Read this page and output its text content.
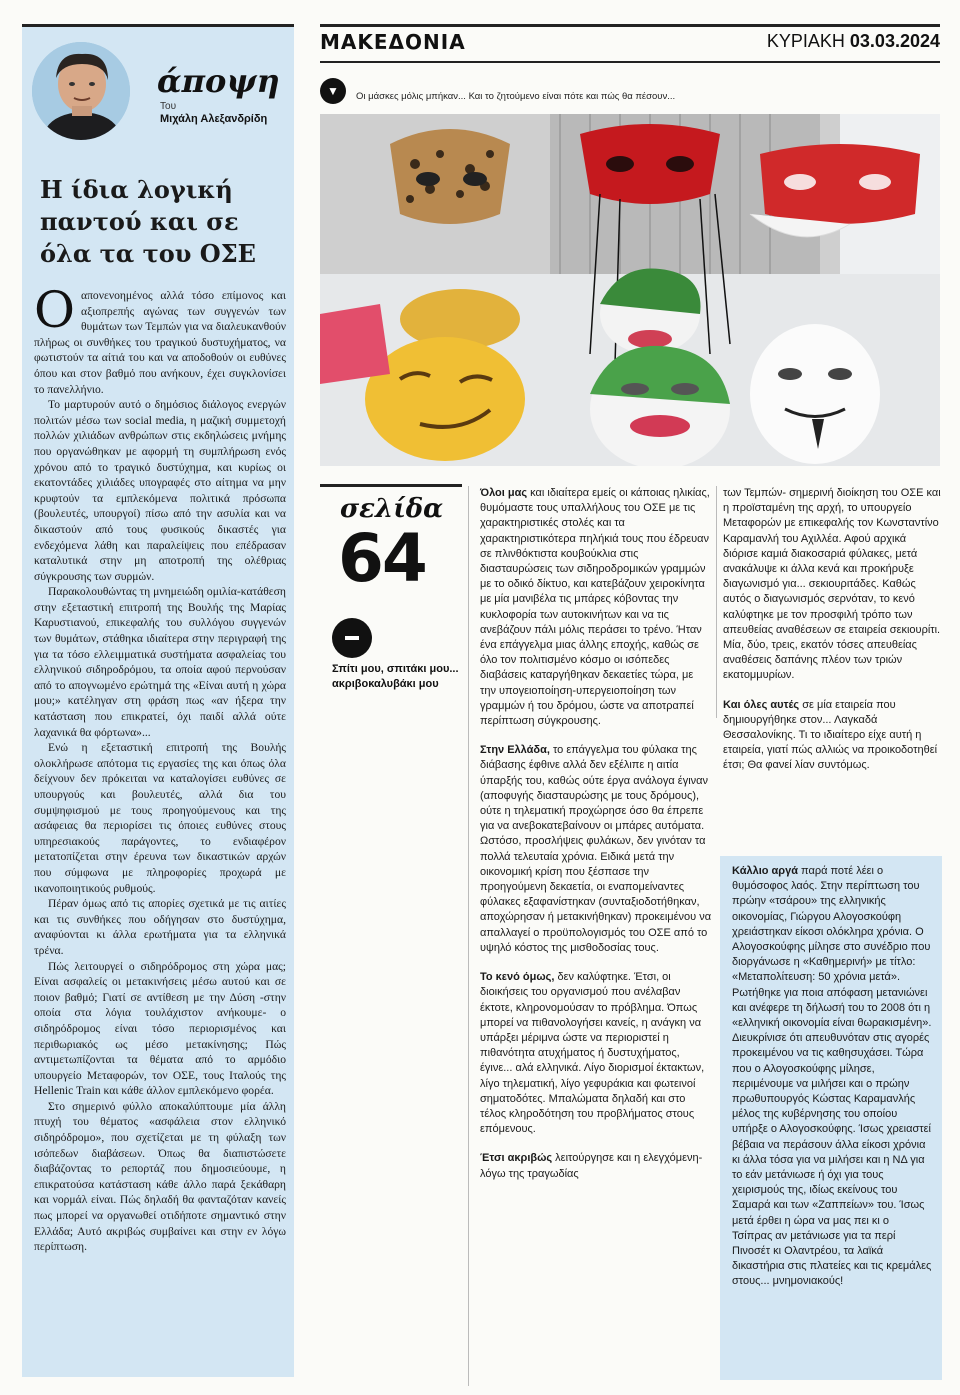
άποψη
Του
Μιχάλη Αλεξανδρίδη
Η ίδια λογική παντού και σε όλα τα του ΟΣΕ

Οαπονενοημένος αλλά τόσο επίμονος και αξιοπρεπής αγώνας των συγγενών των θυμάτων των Τεμπών για να διαλευκανθούν πλήρως οι συνθήκες του τραγικού δυστυχήματος, να φωτιστούν τα αίτιά του και να αποδοθούν οι ευθύνες όπου και στον βαθμό που ανήκουν, έχει συγκλονίσει το πανελλήνιο.

Το μαρτυρούν αυτό ο δημόσιος διάλογος ενεργών πολιτών μέσω των social media, η μαζική συμμετοχή πολλών χιλιάδων ανθρώπων στις εκδηλώσεις μνήμης που οργανώθηκαν με αφορμή τη συμπλήρωση ενός χρόνου από το τραγικό δυστύχημα, και κυρίως οι εκατοντάδες χιλιάδες υπογραφές στο αίτημα να μην κρυφτούν τα εμπλεκόμενα πολιτικά πρόσωπα (βουλευτές, υπουργοί) πίσω από την ασυλία και να δικαστούν από τους φυσικούς δικαστές για ενδεχόμενα λάθη και παραλείψεις που επέδρασαν καταλυτικά στην μη αποτροπή της ολέθριας σύγκρουσης των συρμών.

Παρακολουθώντας τη μνημειώδη ομιλία-κατάθεση στην εξεταστική επιτροπή της Βουλής της Μαρίας Καρυστιανού, επικεφαλής του συλλόγου συγγενών των θυμάτων, στάθηκα ιδιαίτερα στην περιγραφή της για τα τόσο ελλειμματικά συστήματα ασφαλείας του ελληνικού σιδηροδρόμου, τα οποία αφού περνούσαν από το απογνωμένο ερώτημά της «Είναι αυτή η χώρα μου;» κατέληγαν στη φράση πως «αν ήξερα την κατάσταση που επικρατεί, όχι παιδί αλλά ούτε λαχανικά θα φόρτωνα»...

Ενώ η εξεταστική επιτροπή της Βουλής ολοκλήρωσε απότομα τις εργασίες της και όπως όλα δείχνουν δεν πρόκειται να καταλογίσει ευθύνες σε υπουργούς και βουλευτές, αλλά δια του συμψηφισμού με τους προηγούμενους και της ασάφειας θα περιορίσει τις όποιες ευθύνες στους υπηρεσιακούς παράγοντες, το ενδιαφέρον μετατοπίζεται στην έρευνα των δικαστικών αρχών που σύμφωνα με πληροφορίες προχωρά με ικανοποιητικούς ρυθμούς.

Πέραν όμως από τις απορίες σχετικά με τις αιτίες και τις συνθήκες που οδήγησαν στο δυστύχημα, αναφύονται κι άλλα ερωτήματα για τα ελληνικά τρένα.

Πώς λειτουργεί ο σιδηρόδρομος στη χώρα μας; Είναι ασφαλείς οι μετακινήσεις μέσω αυτού και σε ποιον βαθμό; Γιατί σε αντίθεση με την Δύση -στην οποία στα λόγια τουλάχιστον ανήκουμε- ο σιδηρόδρομος είναι τόσο περιορισμένος και περιθωριακός ως μέσο μετακίνησης; Πώς αντιμετωπίζονται τα θέματα από το αρμόδιο υπουργείο Μεταφορών, τον ΟΣΕ, τους Ιταλούς της Hellenic Train και κάθε άλλον εμπλεκόμενο φορέα.

Στο σημερινό φύλλο αποκαλύπτουμε μία άλλη πτυχή του θέματος «ασφάλεια στον ελληνικό σιδηρόδρομο», που σχετίζεται με τη φύλαξη των ισόπεδων διαβάσεων. Όπως θα διαπιστώσετε διαβάζοντας το ρεπορτάζ που δημοσιεύουμε, η επικρατούσα κατάσταση κάθε άλλο παρά ξεκάθαρη και νορμάλ είναι. Πώς δηλαδή θα φανταζόταν κανείς πως μπορεί να οργανωθεί οτιδήποτε σημαντικό στην Ελλάδα; Αυτό ακριβώς συμβαίνει και στην εν λόγω περίπτωση.

ΜΑΚΕΔΟΝΙΑ	ΚΥΡΙΑΚΗ 03.03.2024
▼	Οι μάσκες μόλις μπήκαν... Και το ζητούμενο είναι πότε και πώς θα πέσουν...
σελίδα
64
Σπίτι μου, σπιτάκι μου... ακριβοκαλυβάκι μου

Όλοι μας και ιδιαίτερα εμείς οι κάποιας ηλικίας, θυμόμαστε τους υπαλλήλους του ΟΣΕ με τις χαρακτηριστικές στολές και τα χαρακτηριστικότερα πηλήκιά τους που έδρευαν σε πλινθόκτιστα κουβούκλια στις διασταυρώσεις των σιδηροδρομικών γραμμών με το οδικό δίκτυο, και κατεβάζουν χειροκίνητα με μία μανιβέλα τις μπάρες κόβοντας την κυκλοφορία των αυτοκινήτων και να τις ανεβάζουν πάλι μόλις περάσει το τρένο. Ήταν ένα επάγγελμα μιας άλλης εποχής, καθώς σε όλο τον πολιτισμένο κόσμο οι ισόπεδες διαβάσεις καταργήθηκαν δεκαετίες τώρα, με την υπογειοποίηση-υπεργειοποίηση των γραμμών ή του δρόμου, ώστε να αποτραπεί περίπτωση σύγκρουσης.

Στην Ελλάδα, το επάγγελμα του φύλακα της διάβασης έφθινε αλλά δεν εξέλιπε η αιτία ύπαρξής του, καθώς ούτε έργα ανάλογα έγιναν (αποφυγής διασταυρώσης με τους δρόμους), ούτε η τηλεματική προχώρησε όσο θα έπρεπε για να ανεβοκατεβαίνουν οι μπάρες αυτόματα. Ωστόσο, προσλήψεις φυλάκων, δεν γινόταν τα πολλά τελευταία χρόνια. Ειδικά μετά την οικονομική κρίση που ξέσπασε την προηγούμενη δεκαετία, οι εναπομείναντες φύλακες εξαφανίστηκαν (συνταξιοδοτήθηκαν, αποχώρησαν ή μετακινήθηκαν) προκειμένου να απαλλαγεί ο προϋπολογισμός του ΟΣΕ από το υψηλό κόστος της μισθοδοσίας τους.

Το κενό όμως, δεν καλύφτηκε. Έτσι, οι διοικήσεις του οργανισμού που ανέλαβαν έκτοτε, κληρονομούσαν το πρόβλημα. Όπως μπορεί να πιθανολογήσει κανείς, η ανάγκη να υπάρξει μέριμνα ώστε να περιοριστεί η πιθανότητα ατυχήματος ή δυστυχήματος, έγινε... αλά ελληνικά. Λίγο διορισμοί έκτακτων, λίγο τηλεματική, λίγο γεφυράκια και φωτεινοί σηματοδότες. Μπαλώματα δηλαδή και στο τέλος κληροδότηση του προβλήματος στους επόμενους.

Έτσι ακριβώς λειτούργησε και η ελεγχόμενη-λόγω της τραγωδίας

των Τεμπών- σημερινή διοίκηση του ΟΣΕ και η προϊσταμένη της αρχή, το υπουργείο Μεταφορών με επικεφαλής τον Κωνσταντίνο Καραμανλή του Αχιλλέα. Αφού αρχικά διόρισε καμιά διακοσαριά φύλακες, μετά ανακάλυψε κι άλλα κενά και προκήρυξε διαγωνισμό για... σεκιουριτάδες. Καθώς αυτός ο διαγωνισμός σερνόταν, το κενό καλύφτηκε με τον προσφιλή τρόπο των απευθείας αναθέσεων σε εταιρεία σεκιουρίτι. Μία, δύο, τρεις, εκατόν τόσες απευθείας αναθέσεις δαπάνης πλέον των τριών εκατομμυρίων.

Και όλες αυτές σε μία εταιρεία που δημιουργήθηκε στον... Λαγκαδά Θεσσαλονίκης. Τι το ιδιαίτερο είχε αυτή η εταιρεία, γιατί πώς αλλιώς να προικοδοτηθεί έτσι; Θα φανεί λίαν συντόμως.

Κάλλιο αργά παρά ποτέ λέει ο θυμόσοφος λαός. Στην περίπτωση του πρώην «τσάρου» της ελληνικής οικονομίας, Γιώργου Αλογοσκούφη χρειάστηκαν είκοσι ολόκληρα χρόνια. Ο Αλογοσκούφης μίλησε στο συνέδριο που διοργάνωσε η «Καθημερινή» με τίτλο: «Μεταπολίτευση: 50 χρόνια μετά». Ρωτήθηκε για ποια απόφαση μετανιώνει και ανέφερε τη δήλωσή του το 2008 ότι η «ελληνική οικονομία είναι θωρακισμένη». Διευκρίνισε ότι απευθυνόταν στις αγορές προκειμένου να τις καθησυχάσει. Τώρα που ο Αλογοσκούφης μίλησε, περιμένουμε να μιλήσει και ο πρώην πρωθυπουργός Κώστας Καραμανλής μέλος της κυβέρνησης του οποίου υπήρξε ο Αλογοσκούφης. Ίσως χρειαστεί βέβαια να περάσουν άλλα είκοσι χρόνια κι άλλα τόσα για να μιλήσει και η ΝΔ για το εάν μετάνιωσε ή όχι για τους χειρισμούς της, ιδίως εκείνους του Σαμαρά και των «Ζαππείων» του. Ίσως μετά έρθει η ώρα να μας πει κι ο Τσίπρας αν μετάνιωσε για τα περί Πινοσέτ κι Ολαντρέου, τα λαϊκά δικαστήρια στις πλατείες και τις κρεμάλες στους... μνημονιακούς!
